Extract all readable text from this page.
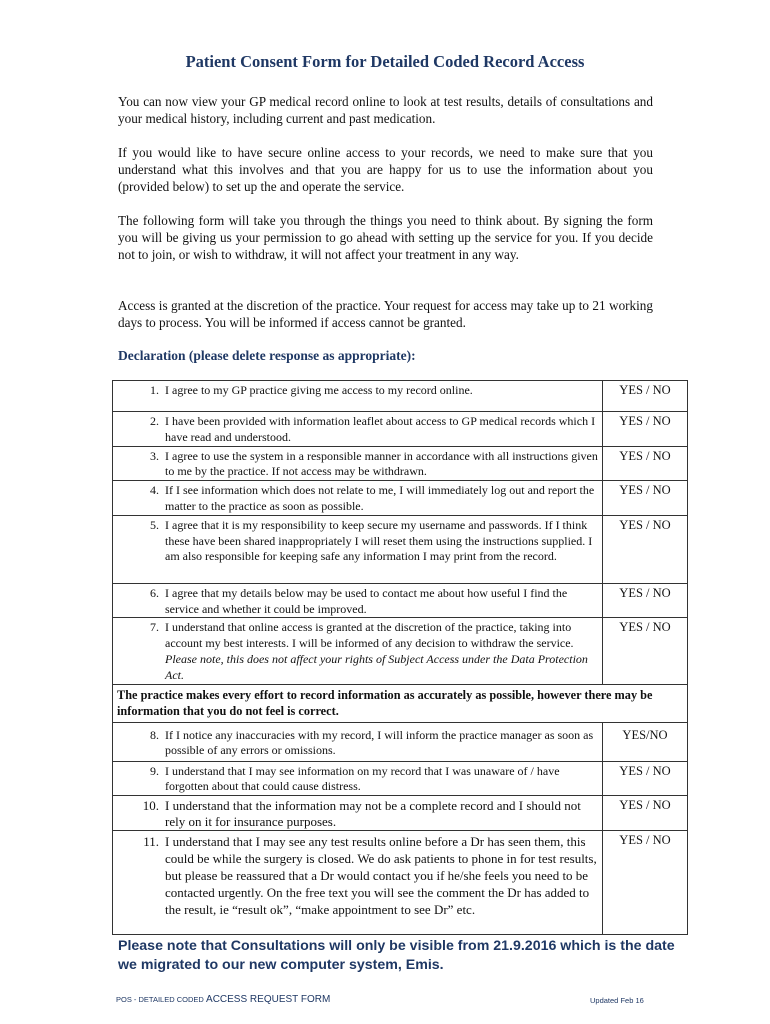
Patient Consent Form for Detailed Coded Record Access

You can now view your GP medical record online to look at test results, details of consultations and your medical history, including current and past medication.

If you would like to have secure online access to your records, we need to make sure that you understand what this involves and that you are happy for us to use the information about you (provided below) to set up the and operate the service.

The following form will take you through the things you need to think about. By signing the form you will be giving us your permission to go ahead with setting up the service for you. If you decide not to join, or wish to withdraw, it will not affect your treatment in any way.

Access is granted at the discretion of the practice. Your request for access may take up to 21 working days to process. You will be informed if access cannot be granted.

Declaration (please delete response as appropriate):
1. I agree to my GP practice giving me access to my record online.	YES / NO

2. I have been provided with information leaflet about access to GP medical records which I have read and understood.	YES / NO

3. I agree to use the system in a responsible manner in accordance with all instructions given to me by the practice. If not access may be withdrawn.	YES / NO

4. If I see information which does not relate to me, I will immediately log out and report the matter to the practice as soon as possible.	YES / NO

5. I agree that it is my responsibility to keep secure my username and passwords. If I think these have been shared inappropriately I will reset them using the instructions supplied. I am also responsible for keeping safe any information I may print from the record.	YES / NO

6. I agree that my details below may be used to contact me about how useful I find the service and whether it could be improved.	YES / NO

7. I understand that online access is granted at the discretion of the practice, taking into account my best interests. I will be informed of any decision to withdraw the service. Please note, this does not affect your rights of Subject Access under the Data Protection Act.	YES / NO
The practice makes every effort to record information as accurately as possible, however there may be information that you do not feel is correct.	

8. If I notice any inaccuracies with my record, I will inform the practice manager as soon as possible of any errors or omissions.	YES/NO

9. I understand that I may see information on my record that I was unaware of / have forgotten about that could cause distress.	YES / NO

10. I understand that the information may not be a complete record and I should not rely on it for insurance purposes.	YES / NO

11. I understand that I may see any test results online before a Dr has seen them, this could be while the surgery is closed. We do ask patients to phone in for test results, but please be reassured that a Dr would contact you if he/she feels you need to be contacted urgently. On the free text you will see the comment the Dr has added to the result, ie “result ok”, “make appointment to see Dr” etc.	YES / NO

Please note that Consultations will only be visible from 21.9.2016 which is the date we migrated to our new computer system, Emis.

POS - DETAILED CODED ACCESS REQUEST FORM	Updated Feb 16
